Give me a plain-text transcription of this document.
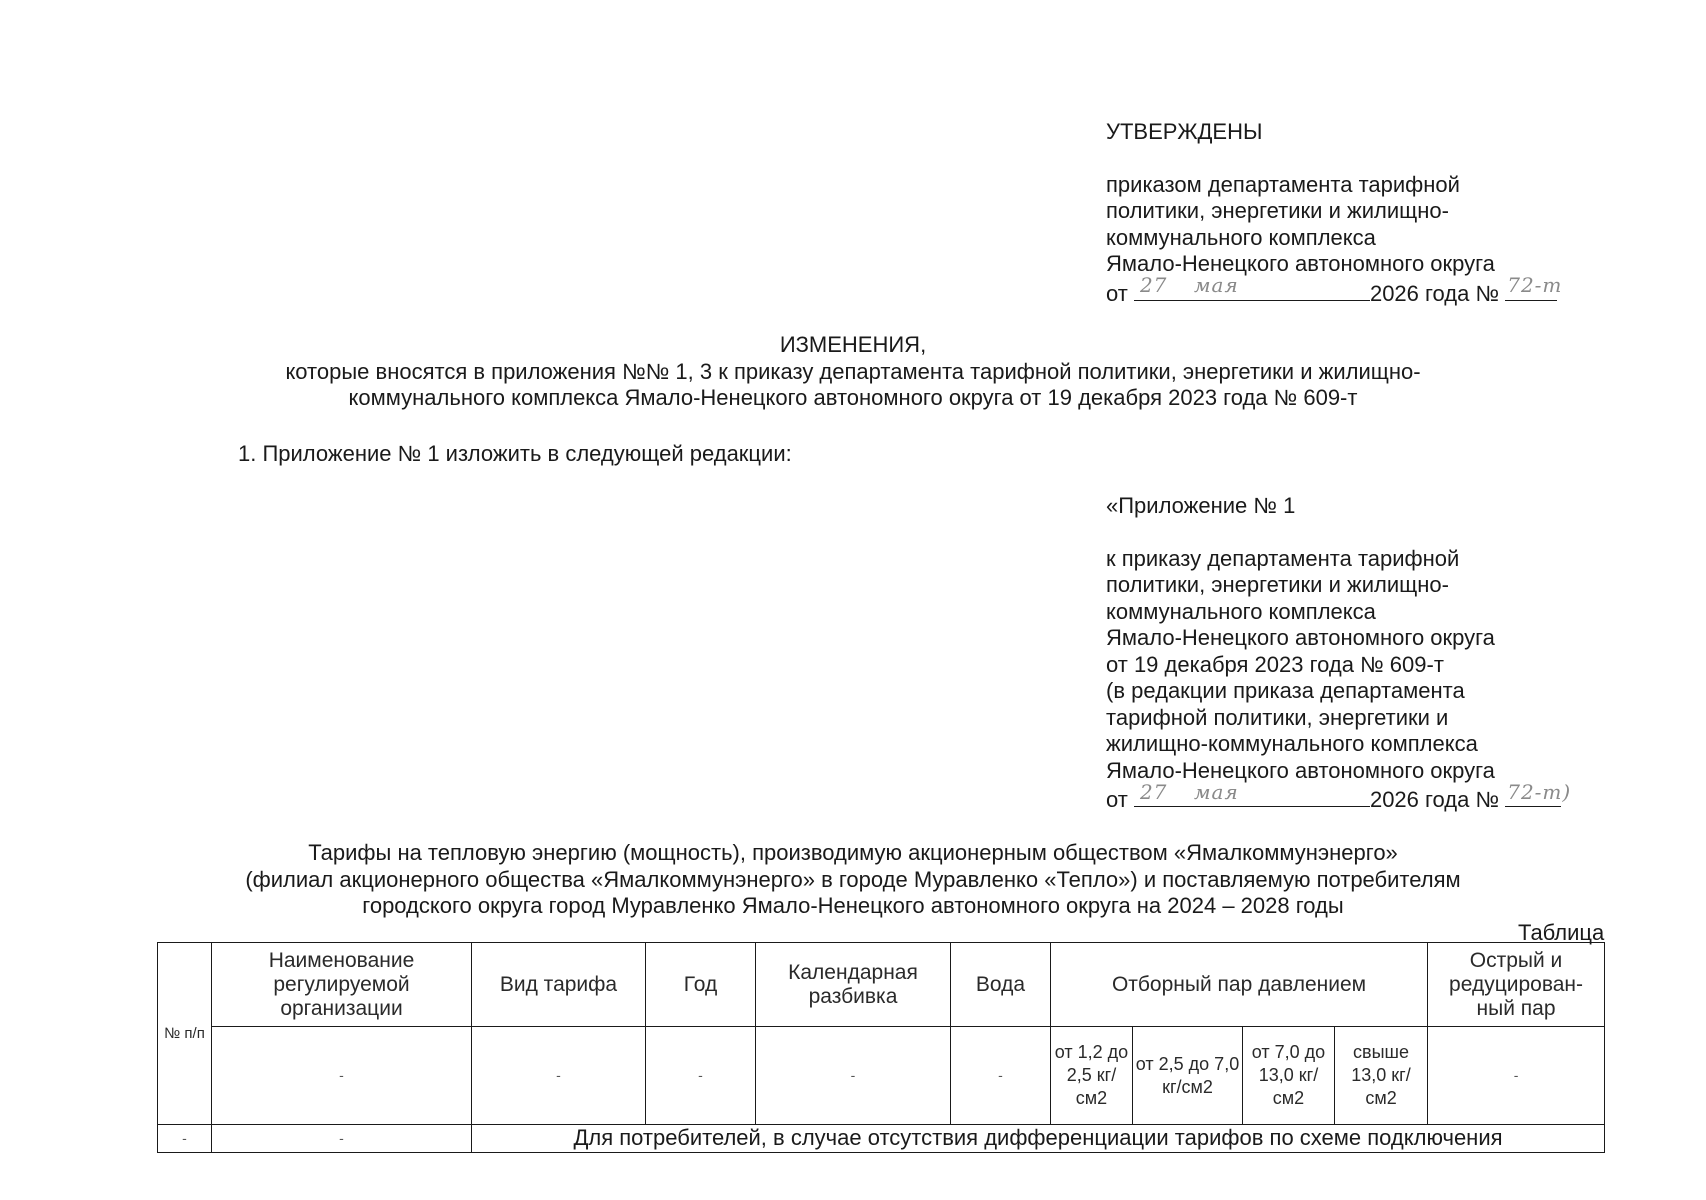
УТВЕРЖДЕНЫ
приказом департамента тарифной
политики, энергетики и жилищно-
коммунального комплекса
Ямало-Ненецкого автономного округа
от 27 мая	2026 года № 72-т
ИЗМЕНЕНИЯ,
которые вносятся в приложения №№ 1, 3 к приказу департамента тарифной политики, энергетики и жилищно-
коммунального комплекса Ямало-Ненецкого автономного округа от 19 декабря 2023 года № 609-т
1. Приложение № 1 изложить в следующей редакции:
«Приложение № 1
к приказу департамента тарифной
политики, энергетики и жилищно-
коммунального комплекса
Ямало-Ненецкого автономного округа
от 19 декабря 2023 года № 609-т
(в редакции приказа департамента
тарифной политики, энергетики и
жилищно-коммунального комплекса
Ямало-Ненецкого автономного округа
от 27 мая	2026 года № 72-т)
Тарифы на тепловую энергию (мощность), производимую акционерным обществом «Ямалкоммунэнерго»
(филиал акционерного общества «Ямалкоммунэнерго» в городе Муравленко «Тепло») и поставляемую потребителям
городского округа город Муравленко Ямало-Ненецкого автономного округа на 2024 – 2028 годы
Таблица
№ п/п	Наименование регулируемой организации	Вид тарифа	Год	Календарная разбивка	Вода	Отборный пар давлением				Острый и редуцирован-ный пар
	-	-	-	-	-	от 1,2 до 2,5 кг/см2	от 2,5 до 7,0 кг/см2	от 7,0 до 13,0 кг/см2	свыше 13,0 кг/см2	-
-	-	Для потребителей, в случае отсутствия дифференциации тарифов по схеме подключения								
